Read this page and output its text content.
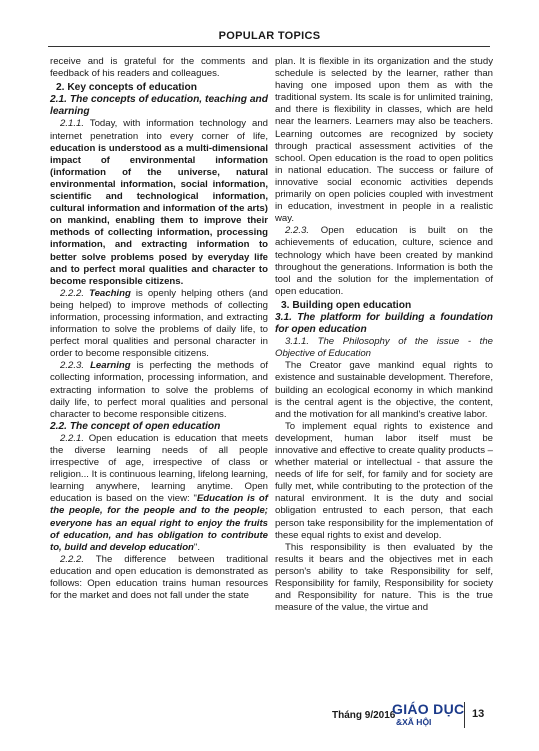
POPULAR TOPICS

receive and is grateful for the comments and feedback of his readers and colleagues.

2. Key concepts of education

2.1. The concepts of education, teaching and learning

2.1.1. Today, with information technology and internet penetration into every corner of life, education is understood as a multi-dimensional impact of environmental information (information of the universe, natural environmental information, social information, scientific and technological information, cultural information and information of the arts) on mankind, enabling them to improve their methods of collecting information, processing information, and extracting information to better solve problems posed by everyday life and to perfect moral qualities and character to become responsible citizens.

2.2.2. Teaching is openly helping others (and being helped) to improve methods of collecting information, processing information, and extracting information to solve the problems of daily life, to perfect moral qualities and personal character in order to become responsible citizens.

2.2.3. Learning is perfecting the methods of collecting information, processing information, and extracting information to solve the problems of daily life, to perfect moral qualities and personal character to become responsible citizens.

2.2. The concept of open education

2.2.1. Open education is education that meets the diverse learning needs of all people irrespective of age, irrespective of class or religion... It is continuous learning, lifelong learning, learning anywhere, learning anytime. Open education is based on the view: "Education is of the people, for the people and to the people; everyone has an equal right to enjoy the fruits of education, and has obligation to contribute to, build and develop education".

2.2.2. The difference between traditional education and open education is demonstrated as follows: Open education trains human resources for the market and does not fall under the state

plan. It is flexible in its organization and the study schedule is selected by the learner, rather than having one imposed upon them as with the traditional system. Its scale is for unlimited training, and there is flexibility in classes, which are held near the learners. Learners may also be teachers. Learning outcomes are recognized by society through practical assessment activities of the school. Open education is the road to open politics in national education. The success or failure of innovative social economic activities depends primarily on open policies coupled with investment in education, investment in people in a realistic way.

2.2.3. Open education is built on the achievements of education, culture, science and technology which have been created by mankind throughout the generations. Information is both the tool and the solution for the implementation of open education.

3. Building open education

3.1. The platform for building a foundation for open education

3.1.1. The Philosophy of the issue - the Objective of Education

The Creator gave mankind equal rights to existence and sustainable development. Therefore, building an ecological economy in which mankind is the central agent is the objective, the content, and the motivation for all mankind's creative labor.

To implement equal rights to existence and development, human labor itself must be innovative and effective to create quality products – whether material or intellectual - that assure the needs of life for self, for family and for society are fully met, while contributing to the protection of the natural environment. It is the duty and social obligation entrusted to each person, that each person take responsibility for the implementation of these equal rights to exist and develop.

This responsibility is then evaluated by the results it bears and the objectives met in each person's ability to take Responsibility for self, Responsibility for family, Responsibility for society and Responsibility for nature. This is the true measure of the value, the virtue and

Tháng 9/2016
GIÁO DỤC
&XÃ HỘI
13
